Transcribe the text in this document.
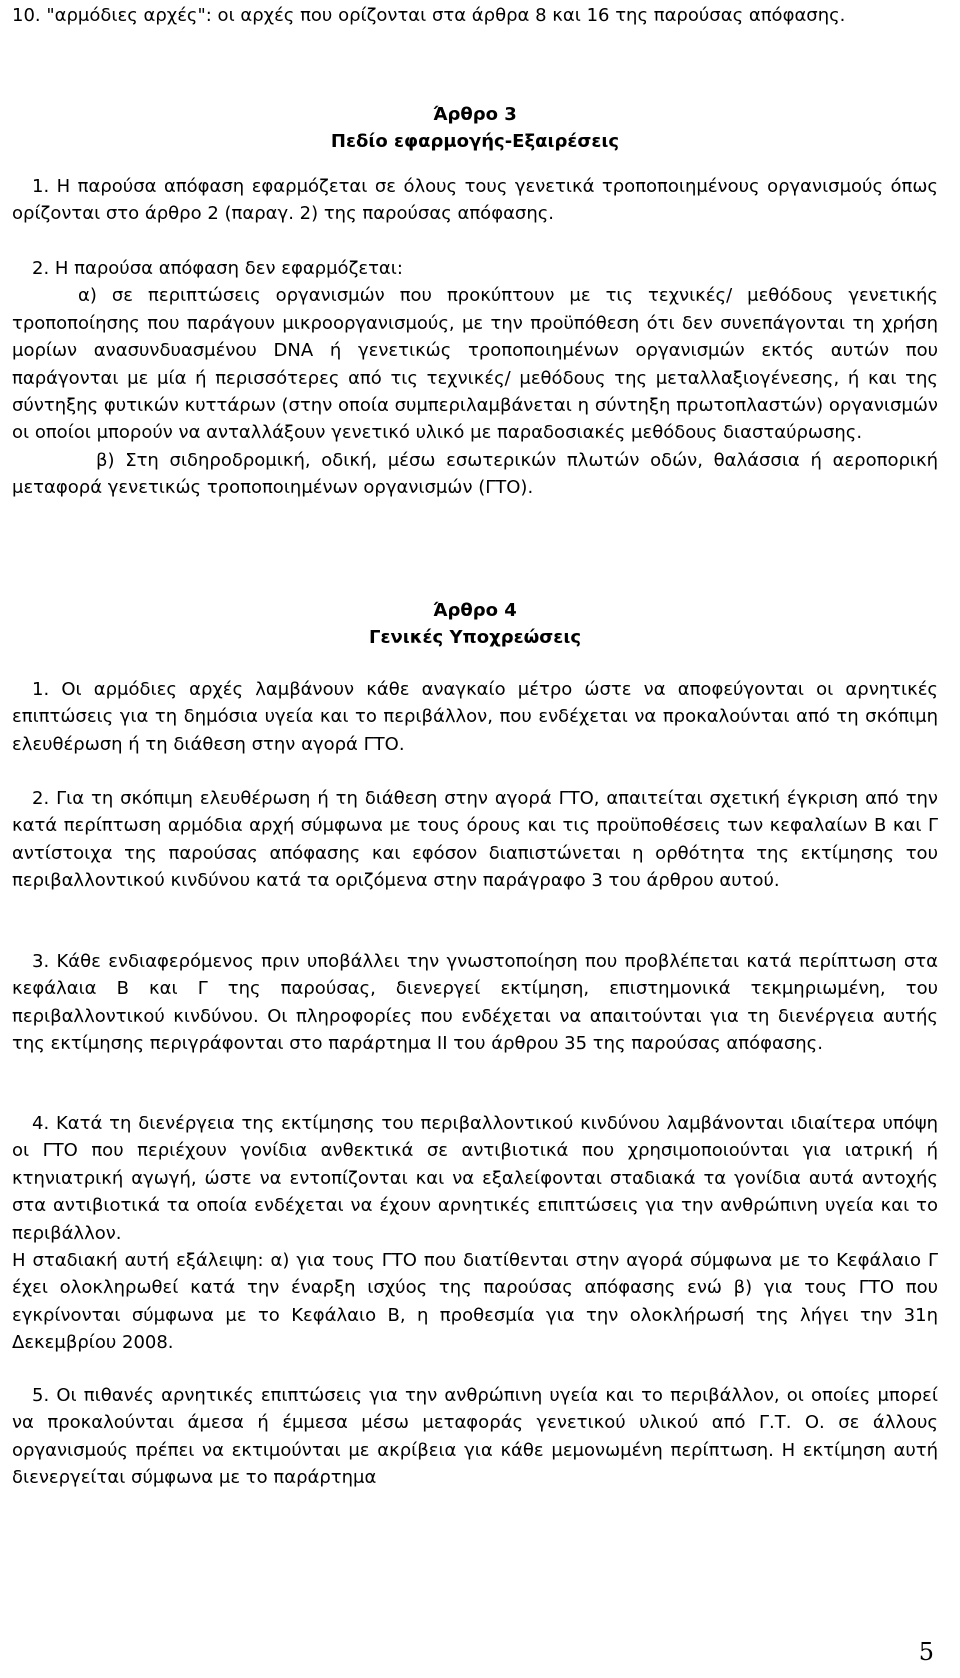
10. "αρμόδιες αρχές": οι αρχές που ορίζονται στα άρθρα 8 και 16 της παρούσας απόφασης.

Άρθρο 3
Πεδίο εφαρμογής-Εξαιρέσεις

1. Η παρούσα απόφαση εφαρμόζεται σε όλους τους γενετικά τροποποιημένους οργανισμούς όπως ορίζονται στο άρθρο 2 (παραγ. 2) της παρούσας απόφασης.

2. Η παρούσα απόφαση δεν εφαρμόζεται:

α) σε περιπτώσεις οργανισμών που προκύπτουν με τις τεχνικές/ μεθόδους γενετικής τροποποίησης που παράγουν μικροοργανισμούς, με την προϋπόθεση ότι δεν συνεπάγονται τη χρήση μορίων ανασυνδυασμένου DNA ή γενετικώς τροποποιημένων οργανισμών εκτός αυτών που παράγονται με μία ή περισσότερες από τις τεχνικές/ μεθόδους της μεταλλαξιογένεσης, ή και της σύντηξης φυτικών κυττάρων (στην οποία συμπεριλαμβάνεται η σύντηξη πρωτοπλαστών) οργανισμών οι οποίοι μπορούν να ανταλλάξουν γενετικό υλικό με παραδοσιακές μεθόδους διασταύρωσης.

β) Στη σιδηροδρομική, οδική, μέσω εσωτερικών πλωτών οδών, θαλάσσια ή αεροπορική μεταφορά γενετικώς τροποποιημένων οργανισμών (ΓΤΟ).

Άρθρο 4
Γενικές Υποχρεώσεις

1. Οι αρμόδιες αρχές λαμβάνουν κάθε αναγκαίο μέτρο ώστε να αποφεύγονται οι αρνητικές επιπτώσεις για τη δημόσια υγεία και το περιβάλλον, που ενδέχεται να προκαλούνται από τη σκόπιμη ελευθέρωση ή τη διάθεση στην αγορά ΓΤΟ.

2. Για τη σκόπιμη ελευθέρωση ή τη διάθεση στην αγορά ΓΤΟ, απαιτείται σχετική έγκριση από την κατά περίπτωση αρμόδια αρχή σύμφωνα με τους όρους και τις προϋποθέσεις των κεφαλαίων Β και Γ αντίστοιχα της παρούσας απόφασης και εφόσον διαπιστώνεται η ορθότητα της εκτίμησης του περιβαλλοντικού κινδύνου κατά τα οριζόμενα στην παράγραφο 3 του άρθρου αυτού.

3. Κάθε ενδιαφερόμενος πριν υποβάλλει την γνωστοποίηση που προβλέπεται κατά περίπτωση στα κεφάλαια Β και Γ της παρούσας, διενεργεί εκτίμηση, επιστημονικά τεκμηριωμένη, του περιβαλλοντικού κινδύνου. Οι πληροφορίες που ενδέχεται να απαιτούνται για τη διενέργεια αυτής της εκτίμησης περιγράφονται στο παράρτημα II του άρθρου 35 της παρούσας απόφασης.

4. Κατά τη διενέργεια της εκτίμησης του περιβαλλοντικού κινδύνου λαμβάνονται ιδιαίτερα υπόψη οι ΓΤΟ που περιέχουν γονίδια ανθεκτικά σε αντιβιοτικά που χρησιμοποιούνται για ιατρική ή κτηνιατρική αγωγή, ώστε να εντοπίζονται και να εξαλείφονται σταδιακά τα γονίδια αυτά αντοχής στα αντιβιοτικά τα οποία ενδέχεται να έχουν αρνητικές επιπτώσεις για την ανθρώπινη υγεία και το περιβάλλον.

Η σταδιακή αυτή εξάλειψη: α) για τους ΓΤΟ που διατίθενται στην αγορά σύμφωνα με το Κεφάλαιο Γ έχει ολοκληρωθεί κατά την έναρξη ισχύος της παρούσας απόφασης ενώ β) για τους ΓΤΟ που εγκρίνονται σύμφωνα με το Κεφάλαιο Β, η προθεσμία για την ολοκλήρωσή της λήγει την 31η Δεκεμβρίου 2008.

5. Οι πιθανές αρνητικές επιπτώσεις για την ανθρώπινη υγεία και το περιβάλλον, οι οποίες μπορεί να προκαλούνται άμεσα ή έμμεσα μέσω μεταφοράς γενετικού υλικού από Γ.Τ. Ο. σε άλλους οργανισμούς πρέπει να εκτιμούνται με ακρίβεια για κάθε μεμονωμένη περίπτωση. Η εκτίμηση αυτή διενεργείται σύμφωνα με το παράρτημα

5
